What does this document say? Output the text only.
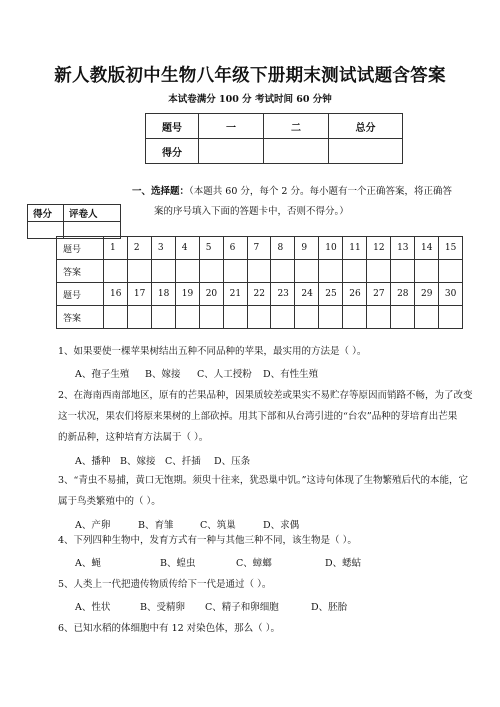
新人教版初中生物八年级下册期末测试试题含答案
本试卷满分 100 分 考试时间 60 分钟
题号	一	二	总分
得分			
一、选择题：（本题共 60 分，每个 2 分。每小题有一个正确答案，将正确答
案的序号填入下面的答题卡中，否则不得分。）
得分	评卷人

题号	1	2	3	4	5	6	7	8	9	10	11	12	13	14	15
答案															
题号	16	17	18	19	20	21	22	23	24	25	26	27	28	29	30
答案															
1、如果要使一棵苹果树结出五种不同品种的苹果，最实用的方法是（ ）。
A、孢子生殖 B、嫁接 C、人工授粉 D、有性生殖
2、在海南西南部地区，原有的芒果品种，因果质较差或果实不易贮存等原因而销路不畅，为了改变
这一状况，果农们将原来果树的上部砍掉。用其下部和从台湾引进的“台农”品种的芽培育出芒果
的新品种，这种培育方法属于（ ）。
A、播种 B、嫁接 C、扦插 D、压条
3、“青虫不易捕，黄口无饱期。须臾十往来，犹恐巢中饥。”这诗句体现了生物繁殖后代的本能，它
属于鸟类繁殖中的（ ）。
A、产卵	B、育雏	C、筑巢	D、求偶
4、下列四种生物中，发育方式有一种与其他三种不同，该生物是（ ）。
A、蝇	B、蝗虫	C、蟑螂	D、蟋蛄
5、人类上一代把遗传物质传给下一代是通过（ ）。
A、性状	B、受精卵 C、精子和卵细胞	D、胚胎
6、已知水稻的体细胞中有 12 对染色体，那么（ ）。
